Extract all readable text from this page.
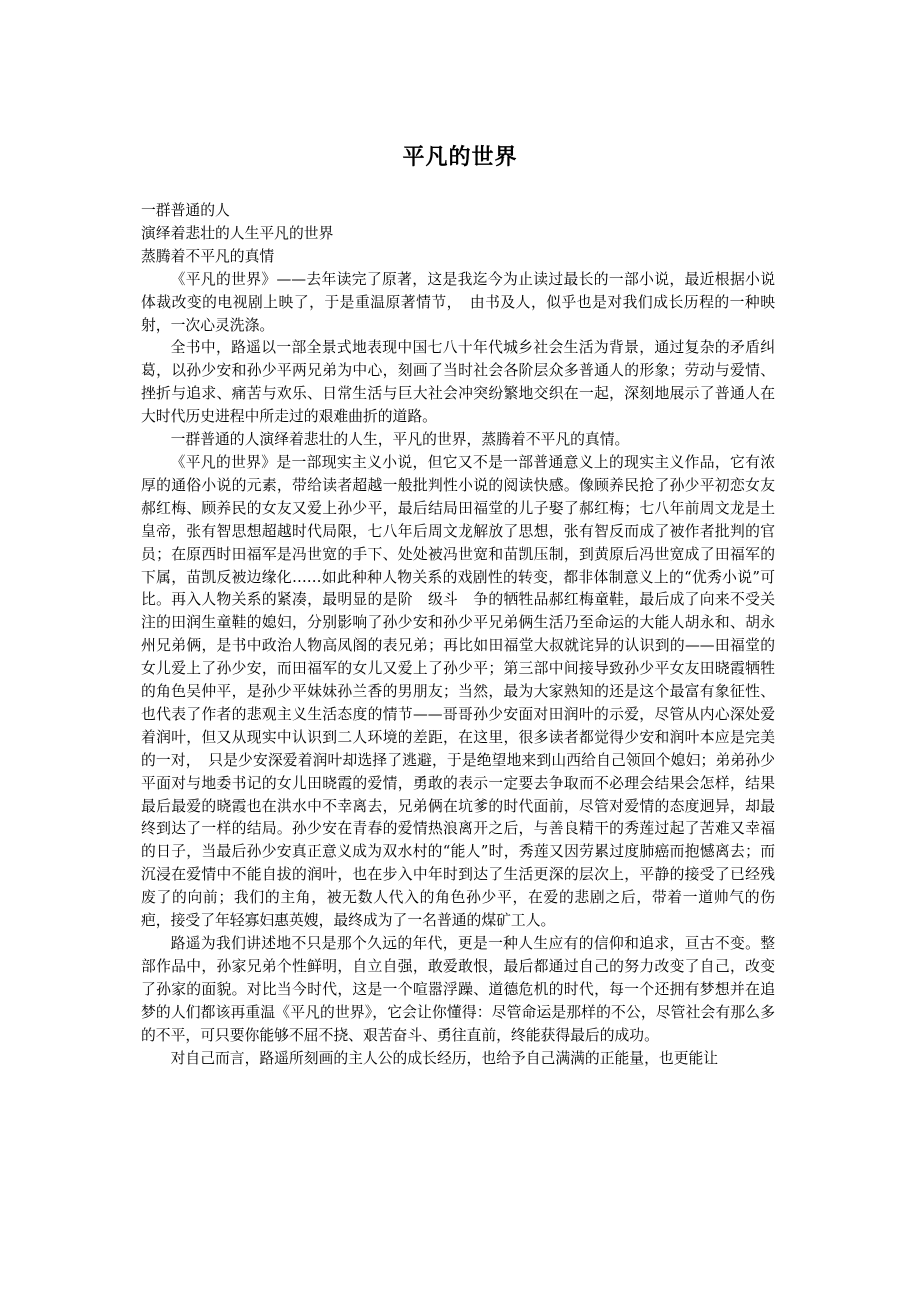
平凡的世界

一群普通的人

演绎着悲壮的人生平凡的世界

蒸腾着不平凡的真情

《平凡的世界》——去年读完了原著，这是我迄今为止读过最长的一部小说，最近根据小说体裁改变的电视剧上映了，于是重温原著情节，　由书及人，似乎也是对我们成长历程的一种映射，一次心灵洗涤。

全书中，路遥以一部全景式地表现中国七八十年代城乡社会生活为背景，通过复杂的矛盾纠葛，以孙少安和孙少平两兄弟为中心，刻画了当时社会各阶层众多普通人的形象；劳动与爱情、挫折与追求、痛苦与欢乐、日常生活与巨大社会冲突纷繁地交织在一起，深刻地展示了普通人在大时代历史进程中所走过的艰难曲折的道路。

一群普通的人演绎着悲壮的人生，平凡的世界，蒸腾着不平凡的真情。

《平凡的世界》是一部现实主义小说，但它又不是一部普通意义上的现实主义作品，它有浓厚的通俗小说的元素，带给读者超越一般批判性小说的阅读快感。像顾养民抢了孙少平初恋女友郝红梅、顾养民的女友又爱上孙少平，最后结局田福堂的儿子娶了郝红梅；七八年前周文龙是土皇帝，张有智思想超越时代局限，七八年后周文龙解放了思想，张有智反而成了被作者批判的官员；在原西时田福军是冯世宽的手下、处处被冯世宽和苗凯压制，到黄原后冯世宽成了田福军的下属，苗凯反被边缘化……如此种种人物关系的戏剧性的转变，都非体制意义上的“优秀小说”可比。再入人物关系的紧凑，最明显的是阶　级斗　争的牺牲品郝红梅童鞋，最后成了向来不受关注的田润生童鞋的媳妇，分别影响了孙少安和孙少平兄弟俩生活乃至命运的大能人胡永和、胡永州兄弟俩，是书中政治人物高凤阁的表兄弟；再比如田福堂大叔就诧异的认识到的——田福堂的女儿爱上了孙少安，而田福军的女儿又爱上了孙少平；第三部中间接导致孙少平女友田晓霞牺牲的角色吴仲平，是孙少平妹妹孙兰香的男朋友；当然，最为大家熟知的还是这个最富有象征性、也代表了作者的悲观主义生活态度的情节——哥哥孙少安面对田润叶的示爱，尽管从内心深处爱着润叶，但又从现实中认识到二人环境的差距，在这里，很多读者都觉得少安和润叶本应是完美的一对，　只是少安深爱着润叶却选择了逃避，于是绝望地来到山西给自己领回个媳妇；弟弟孙少平面对与地委书记的女儿田晓霞的爱情，勇敢的表示一定要去争取而不必理会结果会怎样，结果最后最爱的晓霞也在洪水中不幸离去，兄弟俩在坑爹的时代面前，尽管对爱情的态度迥异，却最终到达了一样的结局。孙少安在青春的爱情热浪离开之后，与善良精干的秀莲过起了苦难又幸福的日子，当最后孙少安真正意义成为双水村的“能人”时，秀莲又因劳累过度肺癌而抱憾离去；而沉浸在爱情中不能自拔的润叶，也在步入中年时到达了生活更深的层次上，平静的接受了已经残废了的向前；我们的主角，被无数人代入的角色孙少平，在爱的悲剧之后，带着一道帅气的伤疤，接受了年轻寡妇惠英嫂，最终成为了一名普通的煤矿工人。

路遥为我们讲述地不只是那个久远的年代，更是一种人生应有的信仰和追求，亘古不变。整部作品中，孙家兄弟个性鲜明，自立自强，敢爱敢恨，最后都通过自己的努力改变了自己，改变了孙家的面貌。对比当今时代，这是一个喧嚣浮躁、道德危机的时代，每一个还拥有梦想并在追梦的人们都该再重温《平凡的世界》，它会让你懂得：尽管命运是那样的不公，尽管社会有那么多的不平，可只要你能够不屈不挠、艰苦奋斗、勇往直前，终能获得最后的成功。

对自己而言，路遥所刻画的主人公的成长经历，也给予自己满满的正能量，也更能让
